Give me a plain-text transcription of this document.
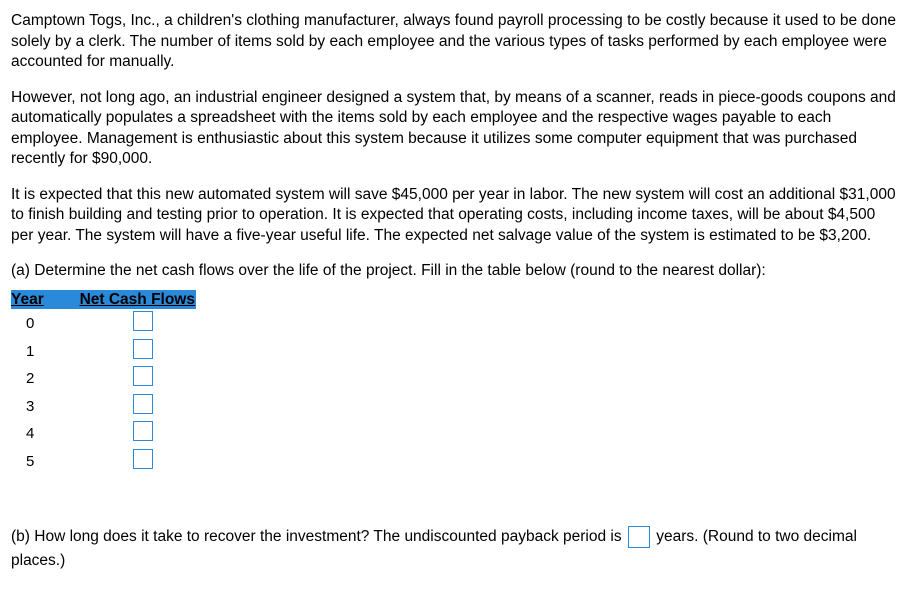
Camptown Togs, Inc., a children's clothing manufacturer, always found payroll processing to be costly because it used to be done solely by a clerk. The number of items sold by each employee and the various types of tasks performed by each employee were accounted for manually.

However, not long ago, an industrial engineer designed a system that, by means of a scanner, reads in piece-goods coupons and automatically populates a spreadsheet with the items sold by each employee and the respective wages payable to each employee. Management is enthusiastic about this system because it utilizes some computer equipment that was purchased recently for $90,000.

It is expected that this new automated system will save $45,000 per year in labor. The new system will cost an additional $31,000 to finish building and testing prior to operation. It is expected that operating costs, including income taxes, will be about $4,500 per year. The system will have a five-year useful life. The expected net salvage value of the system is estimated to be $3,200.

(a) Determine the net cash flows over the life of the project. Fill in the table below (round to the nearest dollar):

Year	Net Cash Flows
0
1
2
3
4
5
(b) How long does it take to recover the investment? The undiscounted payback period is years. (Round to two decimal places.)
